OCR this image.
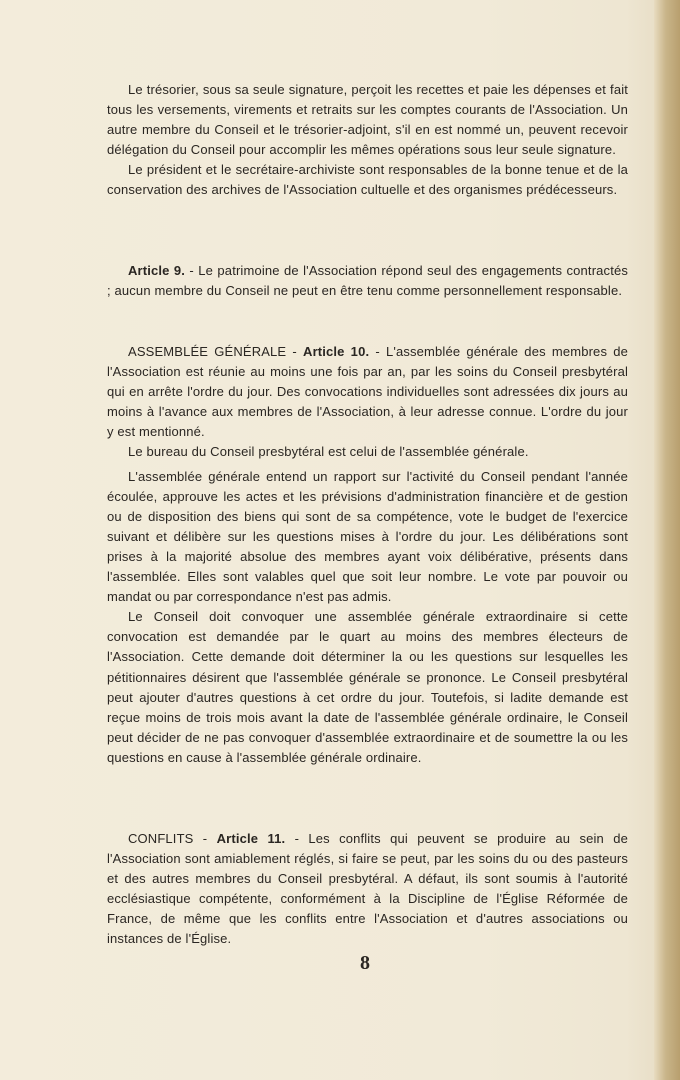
Le trésorier, sous sa seule signature, perçoit les recettes et paie les dépenses et fait tous les versements, virements et retraits sur les comptes courants de l'Association. Un autre membre du Conseil et le trésorier-adjoint, s'il en est nommé un, peuvent recevoir délégation du Conseil pour accomplir les mêmes opérations sous leur seule signature.

Le président et le secrétaire-archiviste sont responsables de la bonne tenue et de la conservation des archives de l'Association cultuelle et des organismes prédécesseurs.

Article 9. - Le patrimoine de l'Association répond seul des engagements contractés ; aucun membre du Conseil ne peut en être tenu comme personnellement responsable.

ASSEMBLÉE GÉNÉRALE - Article 10. - L'assemblée générale des membres de l'Association est réunie au moins une fois par an, par les soins du Conseil presbytéral qui en arrête l'ordre du jour. Des convocations individuelles sont adressées dix jours au moins à l'avance aux membres de l'Association, à leur adresse connue. L'ordre du jour y est mentionné.

Le bureau du Conseil presbytéral est celui de l'assemblée générale.

L'assemblée générale entend un rapport sur l'activité du Conseil pendant l'année écoulée, approuve les actes et les prévisions d'administration financière et de gestion ou de disposition des biens qui sont de sa compétence, vote le budget de l'exercice suivant et délibère sur les questions mises à l'ordre du jour. Les délibérations sont prises à la majorité absolue des membres ayant voix délibérative, présents dans l'assemblée. Elles sont valables quel que soit leur nombre. Le vote par pouvoir ou mandat ou par correspondance n'est pas admis.

Le Conseil doit convoquer une assemblée générale extraordinaire si cette convocation est demandée par le quart au moins des membres électeurs de l'Association. Cette demande doit déterminer la ou les questions sur lesquelles les pétitionnaires désirent que l'assemblée générale se prononce. Le Conseil presbytéral peut ajouter d'autres questions à cet ordre du jour. Toutefois, si ladite demande est reçue moins de trois mois avant la date de l'assemblée générale ordinaire, le Conseil peut décider de ne pas convoquer d'assemblée extraordinaire et de soumettre la ou les questions en cause à l'assemblée générale ordinaire.

CONFLITS - Article 11. - Les conflits qui peuvent se produire au sein de l'Association sont amiablement réglés, si faire se peut, par les soins du ou des pasteurs et des autres membres du Conseil presbytéral. A défaut, ils sont soumis à l'autorité ecclésiastique compétente, conformément à la Discipline de l'Église Réformée de France, de même que les conflits entre l'Association et d'autres associations ou instances de l'Église.

8
